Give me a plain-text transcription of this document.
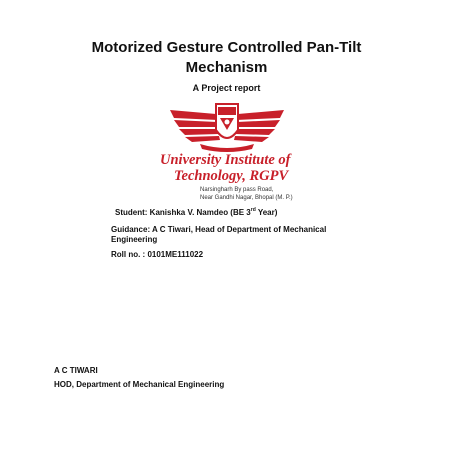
Motorized Gesture Controlled Pan-Tilt
Mechanism
A Project report
University Institute of
Technology, RGPV
Narsingharh By pass Road,
Near Gandhi Nagar, Bhopal (M. P.)
Student: Kanishka V. Namdeo (BE 3rd Year)
Guidance: A C Tiwari, Head of Department of Mechanical
Engineering
Roll no. : 0101ME111022
A C TIWARI
HOD, Department of Mechanical Engineering
